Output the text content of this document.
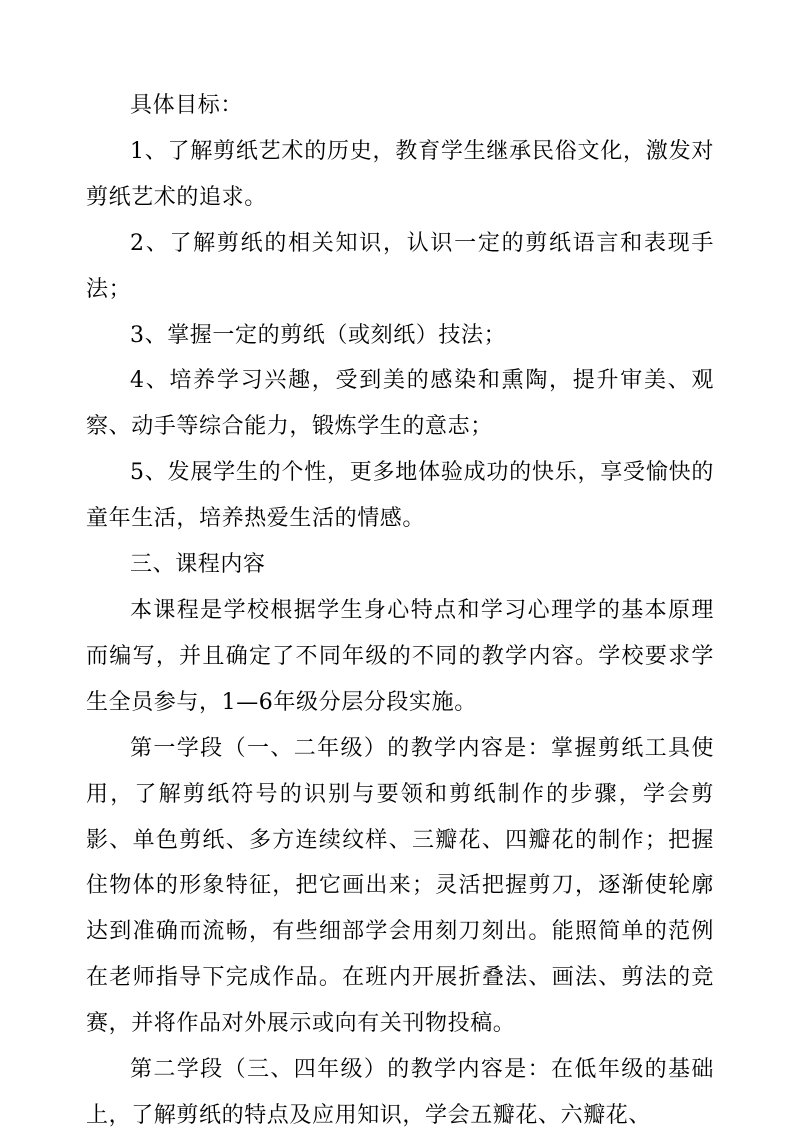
具体目标：

1、了解剪纸艺术的历史，教育学生继承民俗文化，激发对剪纸艺术的追求。

2、了解剪纸的相关知识，认识一定的剪纸语言和表现手法；

3、掌握一定的剪纸（或刻纸）技法；

4、培养学习兴趣，受到美的感染和熏陶，提升审美、观察、动手等综合能力，锻炼学生的意志；

5、发展学生的个性，更多地体验成功的快乐，享受愉快的童年生活，培养热爱生活的情感。

三、课程内容

本课程是学校根据学生身心特点和学习心理学的基本原理而编写，并且确定了不同年级的不同的教学内容。学校要求学生全员参与，1—6年级分层分段实施。

第一学段（一、二年级）的教学内容是：掌握剪纸工具使用，了解剪纸符号的识别与要领和剪纸制作的步骤，学会剪影、单色剪纸、多方连续纹样、三瓣花、四瓣花的制作；把握住物体的形象特征，把它画出来；灵活把握剪刀，逐渐使轮廓达到准确而流畅，有些细部学会用刻刀刻出。能照简单的范例在老师指导下完成作品。在班内开展折叠法、画法、剪法的竞赛，并将作品对外展示或向有关刊物投稿。

第二学段（三、四年级）的教学内容是：在低年级的基础上，了解剪纸的特点及应用知识，学会五瓣花、六瓣花、
